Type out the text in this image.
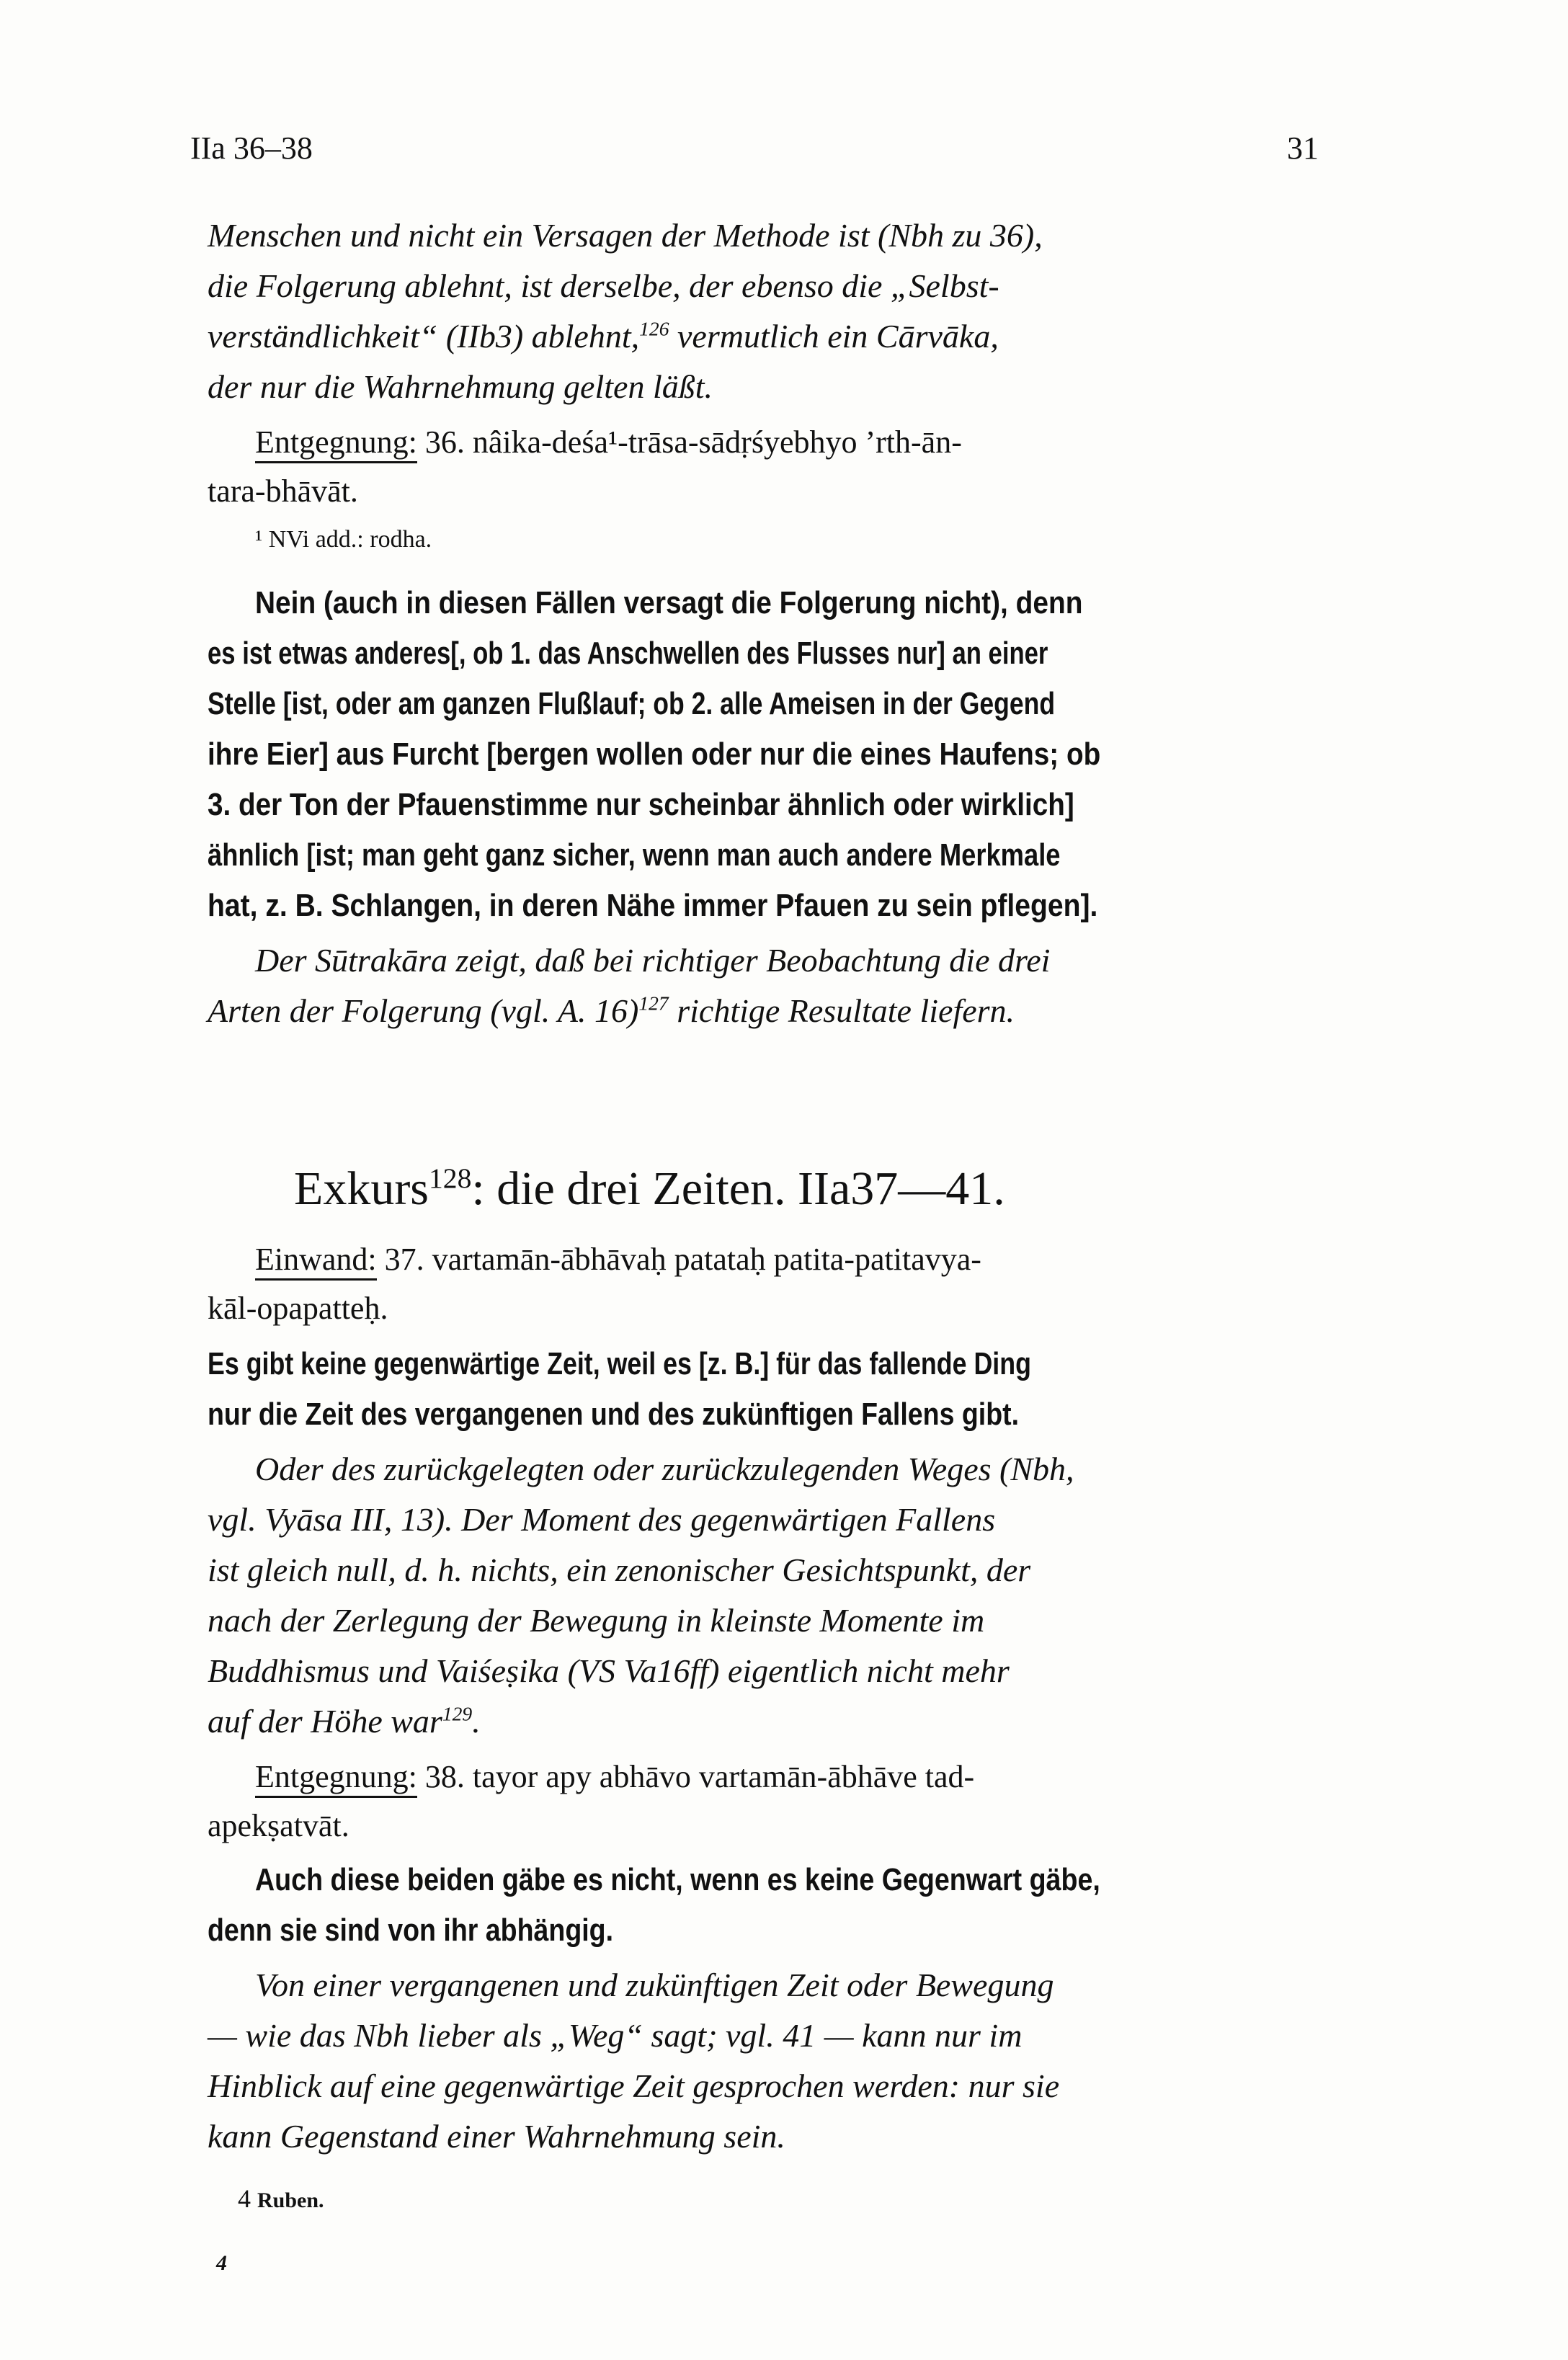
IIa 36–38	31
Menschen und nicht ein Versagen der Methode ist (Nbh zu 36),
die Folgerung ablehnt, ist derselbe, der ebenso die „Selbst-
verständlichkeit“ (IIb3) ablehnt,$^{126}$ vermutlich ein Cārvāka,
der nur die Wahrnehmung gelten läßt.
Entgegnung: 36. nâika-deśa¹-trāsa-sādṛśyebhyo ’rth-ān-
tara-bhāvāt.
¹ NVi add.: rodha.
Nein (auch in diesen Fällen versagt die Folgerung nicht), denn
es ist etwas anderes[, ob 1. das Anschwellen des Flusses nur] an einer
Stelle [ist, oder am ganzen Flußlauf; ob 2. alle Ameisen in der Gegend
ihre Eier] aus Furcht [bergen wollen oder nur die eines Haufens; ob
3. der Ton der Pfauenstimme nur scheinbar ähnlich oder wirklich]
ähnlich [ist; man geht ganz sicher, wenn man auch andere Merkmale
hat, z. B. Schlangen, in deren Nähe immer Pfauen zu sein pflegen].
Der Sūtrakāra zeigt, daß bei richtiger Beobachtung die drei
Arten der Folgerung (vgl. A. 16)$^{127}$ richtige Resultate liefern.
Exkurs$^{128}$: die drei Zeiten. IIa37—41.
Einwand: 37. vartamān-ābhāvaḥ patataḥ patita-patitavya-
kāl-opapatteḥ.
Es gibt keine gegenwärtige Zeit, weil es [z. B.] für das fallende Ding
nur die Zeit des vergangenen und des zukünftigen Fallens gibt.
Oder des zurückgelegten oder zurückzulegenden Weges (Nbh,
vgl. Vyāsa III, 13). Der Moment des gegenwärtigen Fallens
ist gleich null, d. h. nichts, ein zenonischer Gesichtspunkt, der
nach der Zerlegung der Bewegung in kleinste Momente im
Buddhismus und Vaiśeṣika (VS Va16ff) eigentlich nicht mehr
auf der Höhe war$^{129}$.
Entgegnung: 38. tayor apy abhāvo vartamān-ābhāve tad-
apekṣatvāt.
Auch diese beiden gäbe es nicht, wenn es keine Gegenwart gäbe,
denn sie sind von ihr abhängig.
Von einer vergangenen und zukünftigen Zeit oder Bewegung
— wie das Nbh lieber als „Weg“ sagt; vgl. 41 — kann nur im
Hinblick auf eine gegenwärtige Zeit gesprochen werden: nur sie
kann Gegenstand einer Wahrnehmung sein.
4 Ruben.
4
